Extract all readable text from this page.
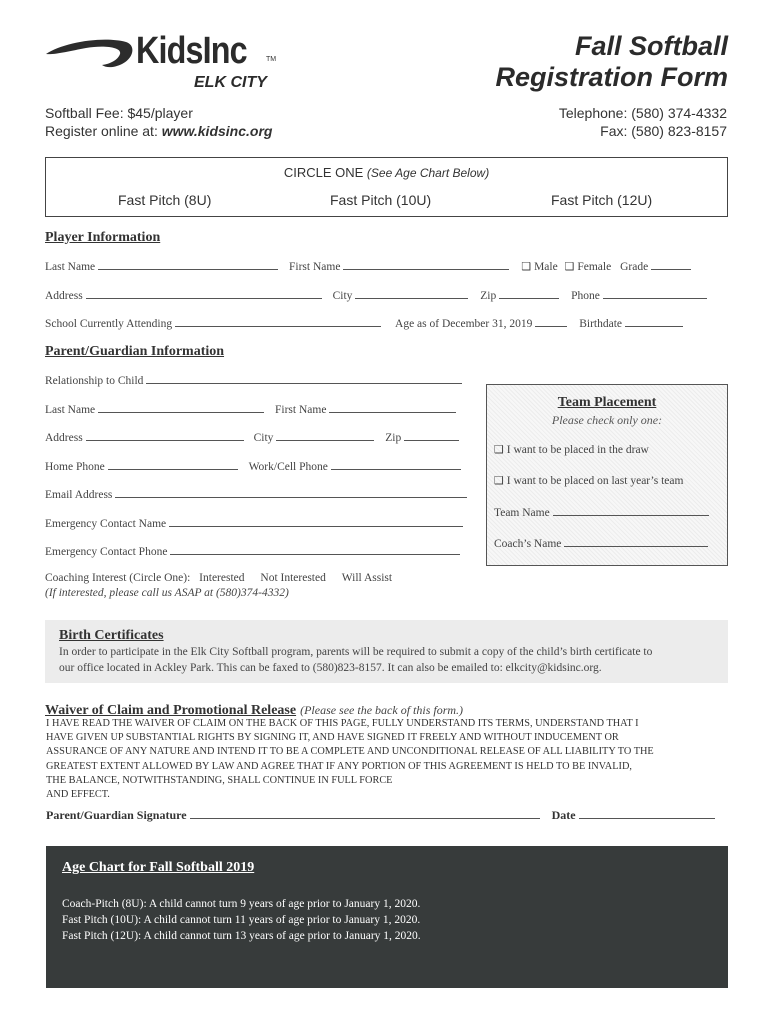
KidsInc	TM
ELK CITY
Fall Softball
Registration Form
Softball Fee: $45/player
Register online at: www.kidsinc.org
Telephone: (580) 374-4332
Fax: (580) 823-8157
CIRCLE ONE (See Age Chart Below)
Fast Pitch (8U)	Fast Pitch (10U)	Fast Pitch (12U)
Player Information
Last Name	First Name	❑ Male ❑ Female Grade
Address	City	Zip	Phone
School Currently Attending	Age as of December 31, 2019	Birthdate
Parent/Guardian Information
Relationship to Child
Last Name	First Name
Address	City	Zip
Home Phone	Work/Cell Phone
Email Address
Emergency Contact Name
Emergency Contact Phone
Team Placement
Please check only one:
❑ I want to be placed in the draw
❑ I want to be placed on last year’s team
Team Name
Coach’s Name
Coaching Interest (Circle One): Interested Not Interested Will Assist
(If interested, please call us ASAP at (580)374-4332)
Birth Certificates
In order to participate in the Elk City Softball program, parents will be required to submit a copy of the child’s birth certificate to
our office located in Ackley Park. This can be faxed to (580)823-8157. It can also be emailed to: elkcity@kidsinc.org.
Waiver of Claim and Promotional Release (Please see the back of this form.)
I HAVE READ THE WAIVER OF CLAIM ON THE BACK OF THIS PAGE, FULLY UNDERSTAND ITS TERMS, UNDERSTAND THAT I
HAVE GIVEN UP SUBSTANTIAL RIGHTS BY SIGNING IT, AND HAVE SIGNED IT FREELY AND WITHOUT INDUCEMENT OR
ASSURANCE OF ANY NATURE AND INTEND IT TO BE A COMPLETE AND UNCONDITIONAL RELEASE OF ALL LIABILITY TO THE
GREATEST EXTENT ALLOWED BY LAW AND AGREE THAT IF ANY PORTION OF THIS AGREEMENT IS HELD TO BE INVALID,
THE BALANCE, NOTWITHSTANDING, SHALL CONTINUE IN FULL FORCE
AND EFFECT.
Parent/Guardian Signature	Date
Age Chart for Fall Softball 2019
Coach-Pitch (8U): A child cannot turn 9 years of age prior to January 1, 2020.
Fast Pitch (10U): A child cannot turn 11 years of age prior to January 1, 2020.
Fast Pitch (12U): A child cannot turn 13 years of age prior to January 1, 2020.
